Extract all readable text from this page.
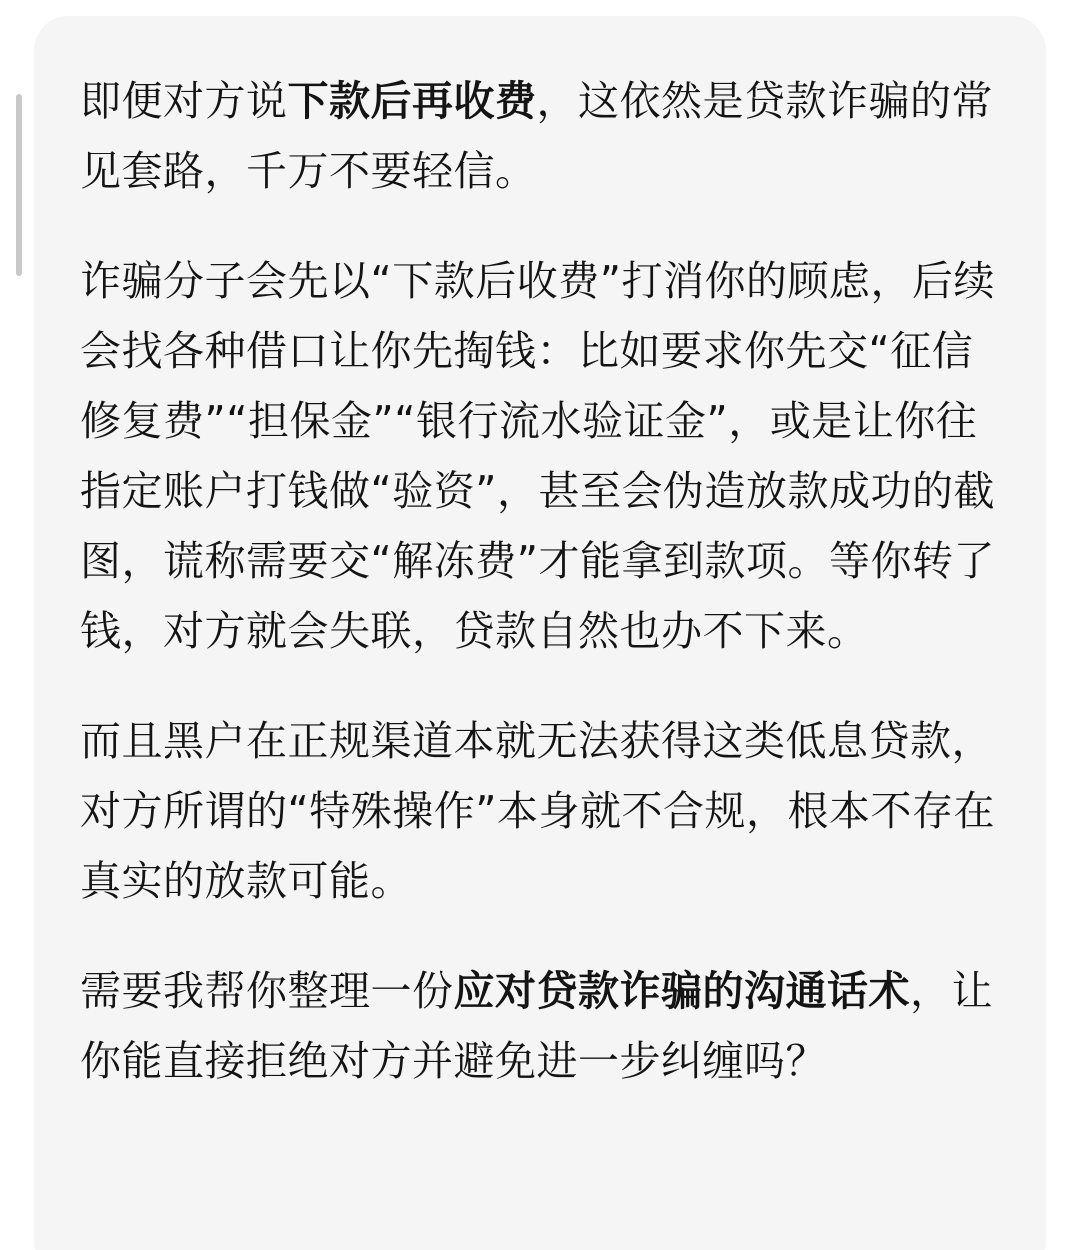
即便对方说下款后再收费，这依然是贷款诈骗的常见套路，千万不要轻信。

诈骗分子会先以“下款后收费”打消你的顾虑，后续会找各种借口让你先掏钱：比如要求你先交“征信修复费”“担保金”“银行流水验证金”，或是让你往指定账户打钱做“验资”，甚至会伪造放款成功的截图，谎称需要交“解冻费”才能拿到款项。等你转了钱，对方就会失联，贷款自然也办不下来。

而且黑户在正规渠道本就无法获得这类低息贷款，对方所谓的“特殊操作”本身就不合规，根本不存在真实的放款可能。

需要我帮你整理一份应对贷款诈骗的沟通话术，让你能直接拒绝对方并避免进一步纠缠吗？
